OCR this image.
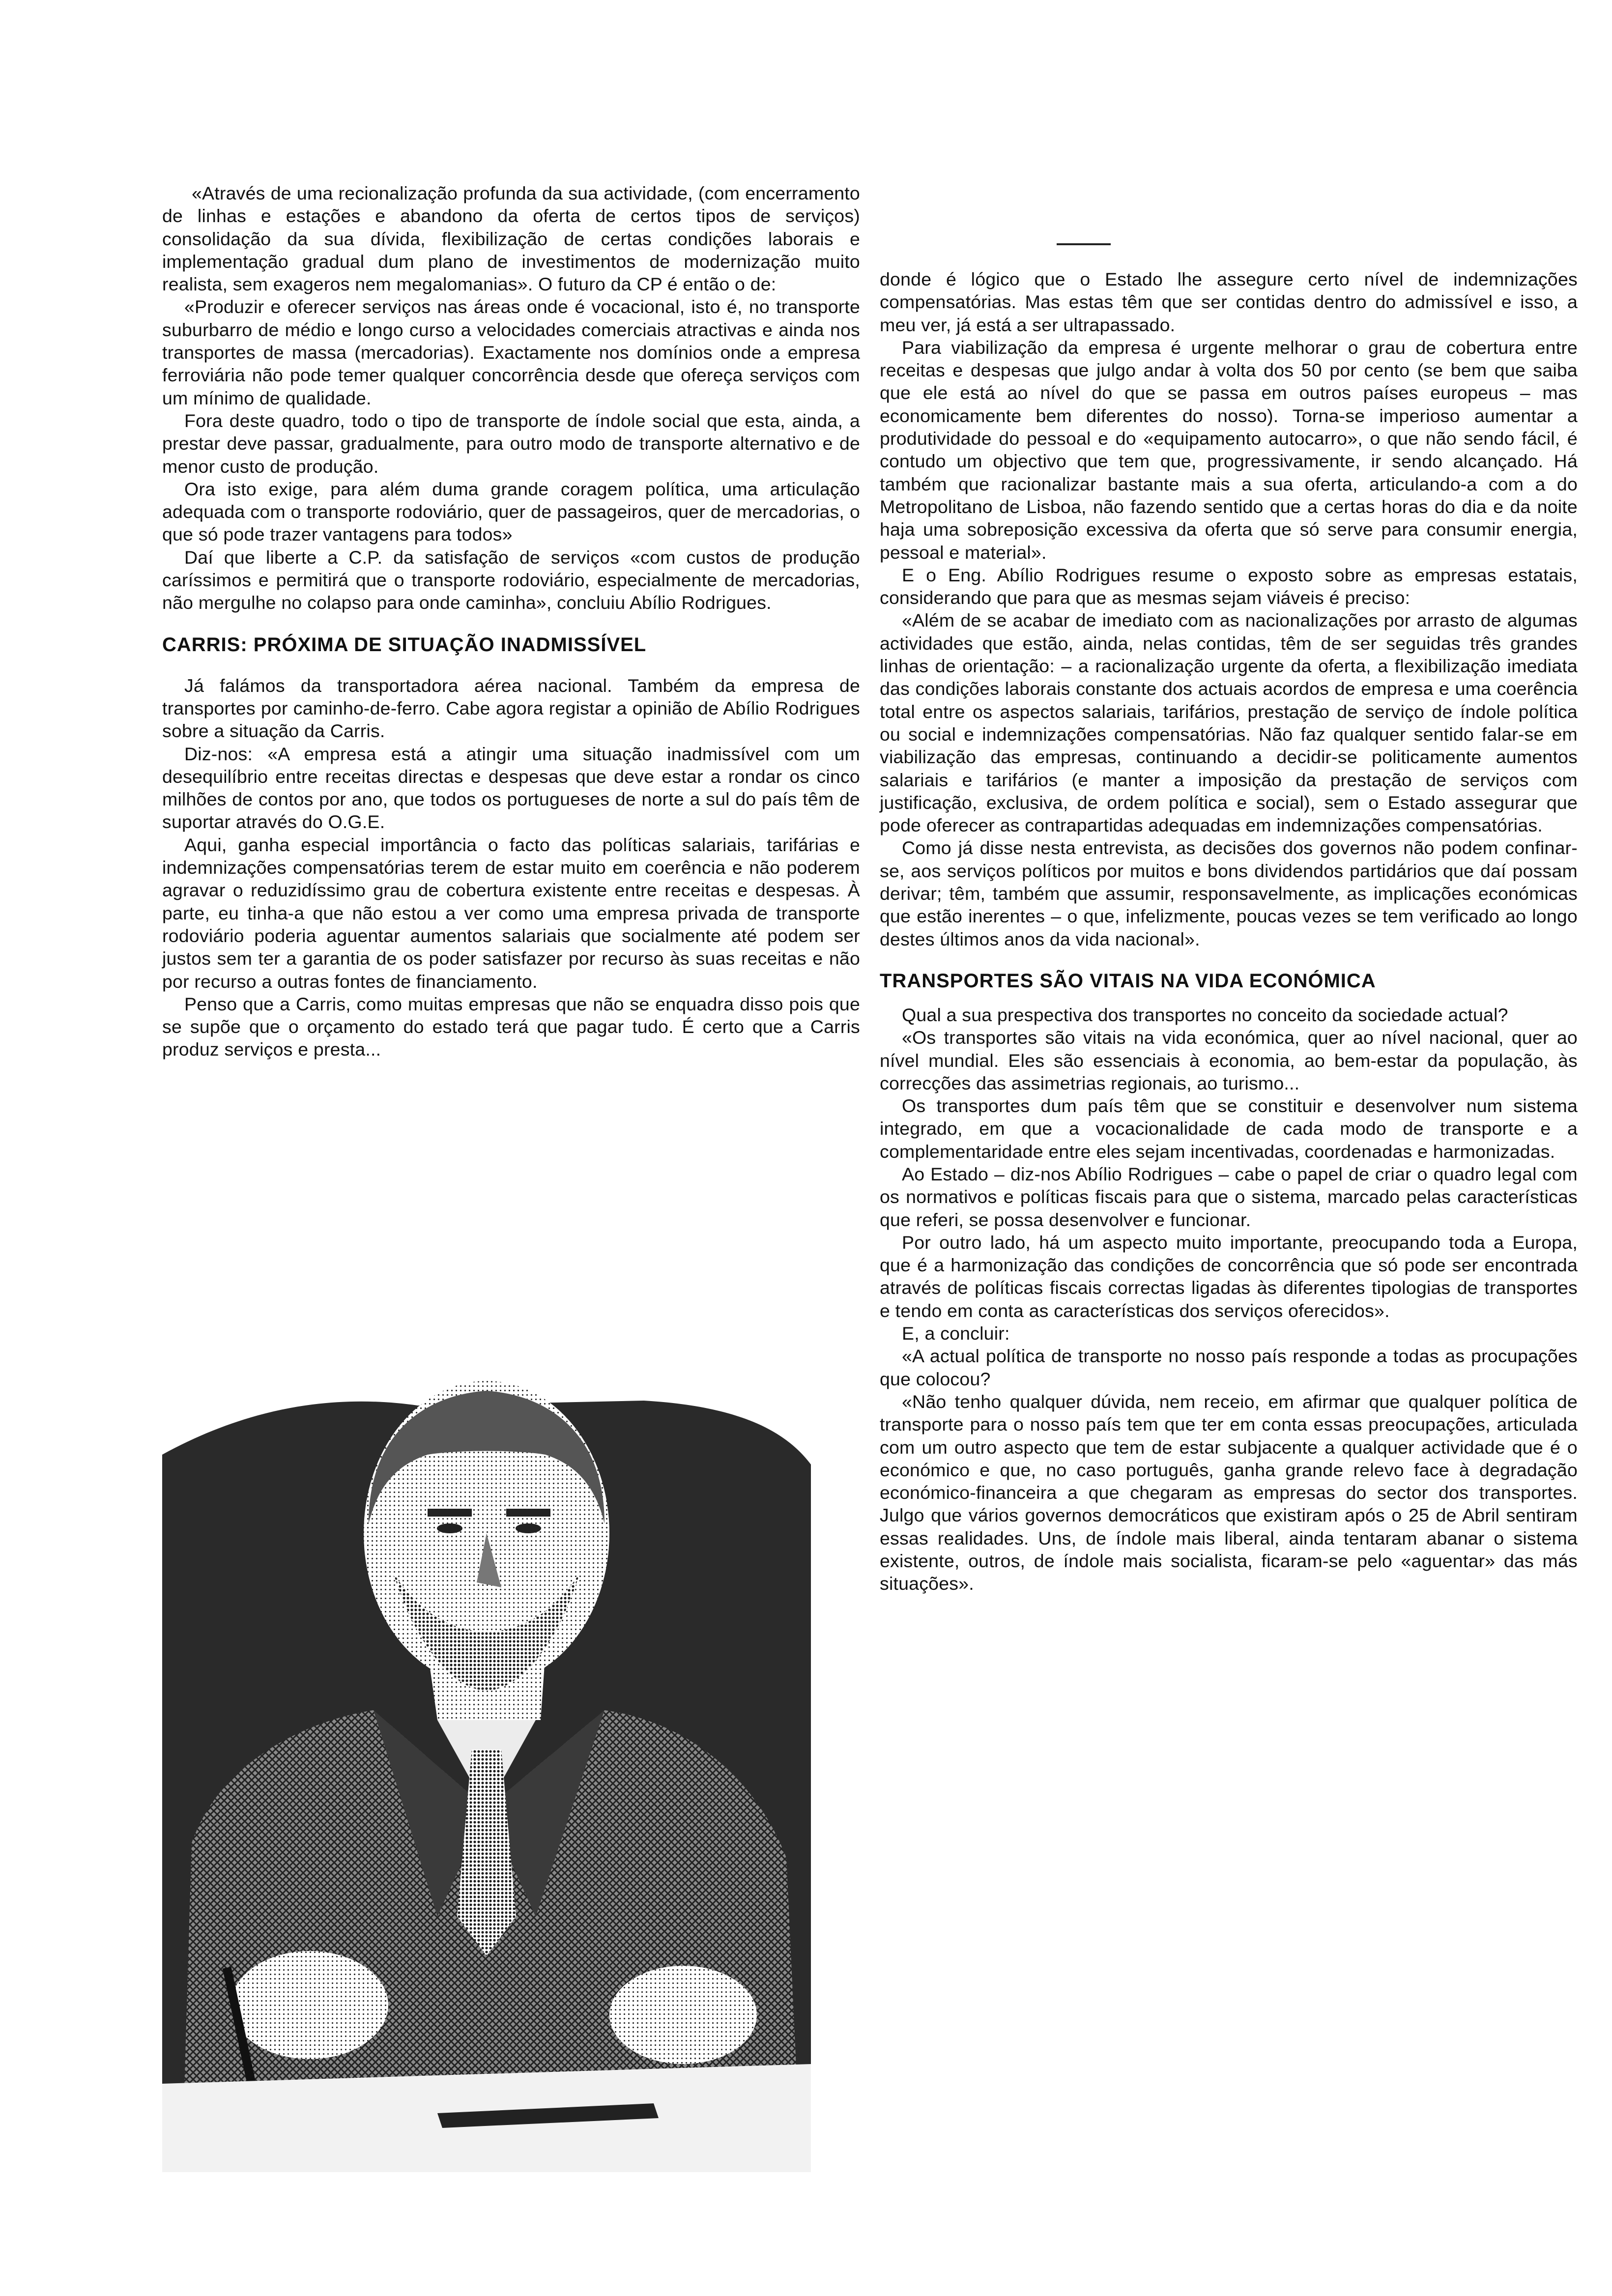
«Através de uma recionalização profunda da sua actividade, (com encerramento de linhas e estações e abandono da oferta de certos tipos de serviços) consolidação da sua dívida, flexibilização de certas condições laborais e implementação gradual dum plano de investimentos de modernização muito realista, sem exageros nem megalomanias». O futuro da CP é então o de:

«Produzir e oferecer serviços nas áreas onde é vocacional, isto é, no transporte suburbarro de médio e longo curso a velocidades comerciais atractivas e ainda nos transportes de massa (mercadorias). Exactamente nos domínios onde a empresa ferroviária não pode temer qualquer concorrência desde que ofereça serviços com um mínimo de qualidade.

Fora deste quadro, todo o tipo de transporte de índole social que esta, ainda, a prestar deve passar, gradualmente, para outro modo de transporte alternativo e de menor custo de produção.

Ora isto exige, para além duma grande coragem política, uma articulação adequada com o transporte rodoviário, quer de passageiros, quer de mercadorias, o que só pode trazer vantagens para todos»

Daí que liberte a C.P. da satisfação de serviços «com custos de produção caríssimos e permitirá que o transporte rodoviário, especialmente de mercadorias, não mergulhe no colapso para onde caminha», concluiu Abílio Rodrigues.

CARRIS: PRÓXIMA DE SITUAÇÃO INADMISSÍVEL

Já falámos da transportadora aérea nacional. Também da empresa de transportes por caminho-de-ferro. Cabe agora registar a opinião de Abílio Rodrigues sobre a situação da Carris.

Diz-nos: «A empresa está a atingir uma situação inadmissível com um desequilíbrio entre receitas directas e despesas que deve estar a rondar os cinco milhões de contos por ano, que todos os portugueses de norte a sul do país têm de suportar através do O.G.E.

Aqui, ganha especial importância o facto das políticas salariais, tarifárias e indemnizações compensatórias terem de estar muito em coerência e não poderem agravar o reduzidíssimo grau de cobertura existente entre receitas e despesas. À parte, eu tinha-a que não estou a ver como uma empresa privada de transporte rodoviário poderia aguentar aumentos salariais que socialmente até podem ser justos sem ter a garantia de os poder satisfazer por recurso às suas receitas e não por recurso a outras fontes de financiamento.

Penso que a Carris, como muitas empresas que não se enquadra disso pois que se supõe que o orçamento do estado terá que pagar tudo. É certo que a Carris produz serviços e presta...

donde é lógico que o Estado lhe assegure certo nível de indemnizações compensatórias. Mas estas têm que ser contidas dentro do admissível e isso, a meu ver, já está a ser ultrapassado.

Para viabilização da empresa é urgente melhorar o grau de cobertura entre receitas e despesas que julgo andar à volta dos 50 por cento (se bem que saiba que ele está ao nível do que se passa em outros países europeus – mas economicamente bem diferentes do nosso). Torna-se imperioso aumentar a produtividade do pessoal e do «equipamento autocarro», o que não sendo fácil, é contudo um objectivo que tem que, progressivamente, ir sendo alcançado. Há também que racionalizar bastante mais a sua oferta, articulando-a com a do Metropolitano de Lisboa, não fazendo sentido que a certas horas do dia e da noite haja uma sobreposição excessiva da oferta que só serve para consumir energia, pessoal e material».

E o Eng. Abílio Rodrigues resume o exposto sobre as empresas estatais, considerando que para que as mesmas sejam viáveis é preciso:

«Além de se acabar de imediato com as nacionalizações por arrasto de algumas actividades que estão, ainda, nelas contidas, têm de ser seguidas três grandes linhas de orientação: – a racionalização urgente da oferta, a flexibilização imediata das condições laborais constante dos actuais acordos de empresa e uma coerência total entre os aspectos salariais, tarifários, prestação de serviço de índole política ou social e indemnizações compensatórias. Não faz qualquer sentido falar-se em viabilização das empresas, continuando a decidir-se politicamente aumentos salariais e tarifários (e manter a imposição da prestação de serviços com justificação, exclusiva, de ordem política e social), sem o Estado assegurar que pode oferecer as contrapartidas adequadas em indemnizações compensatórias.

Como já disse nesta entrevista, as decisões dos governos não podem confinar-se, aos serviços políticos por muitos e bons dividendos partidários que daí possam derivar; têm, também que assumir, responsavelmente, as implicações económicas que estão inerentes – o que, infelizmente, poucas vezes se tem verificado ao longo destes últimos anos da vida nacional».

TRANSPORTES SÃO VITAIS NA VIDA ECONÓMICA

Qual a sua prespectiva dos transportes no conceito da sociedade actual?

«Os transportes são vitais na vida económica, quer ao nível nacional, quer ao nível mundial. Eles são essenciais à economia, ao bem-estar da população, às correcções das assimetrias regionais, ao turismo...

Os transportes dum país têm que se constituir e desenvolver num sistema integrado, em que a vocacionalidade de cada modo de transporte e a complementaridade entre eles sejam incentivadas, coordenadas e harmonizadas.

Ao Estado – diz-nos Abílio Rodrigues – cabe o papel de criar o quadro legal com os normativos e políticas fiscais para que o sistema, marcado pelas características que referi, se possa desenvolver e funcionar.

Por outro lado, há um aspecto muito importante, preocupando toda a Europa, que é a harmonização das condições de concorrência que só pode ser encontrada através de políticas fiscais correctas ligadas às diferentes tipologias de transportes e tendo em conta as características dos serviços oferecidos».

E, a concluir:

«A actual política de transporte no nosso país responde a todas as procupações que colocou?

«Não tenho qualquer dúvida, nem receio, em afirmar que qualquer política de transporte para o nosso país tem que ter em conta essas preocupações, articulada com um outro aspecto que tem de estar subjacente a qualquer actividade que é o económico e que, no caso português, ganha grande relevo face à degradação económico-financeira a que chegaram as empresas do sector dos transportes. Julgo que vários governos democráticos que existiram após o 25 de Abril sentiram essas realidades. Uns, de índole mais liberal, ainda tentaram abanar o sistema existente, outros, de índole mais socialista, ficaram-se pelo «aguentar» das más situações».
